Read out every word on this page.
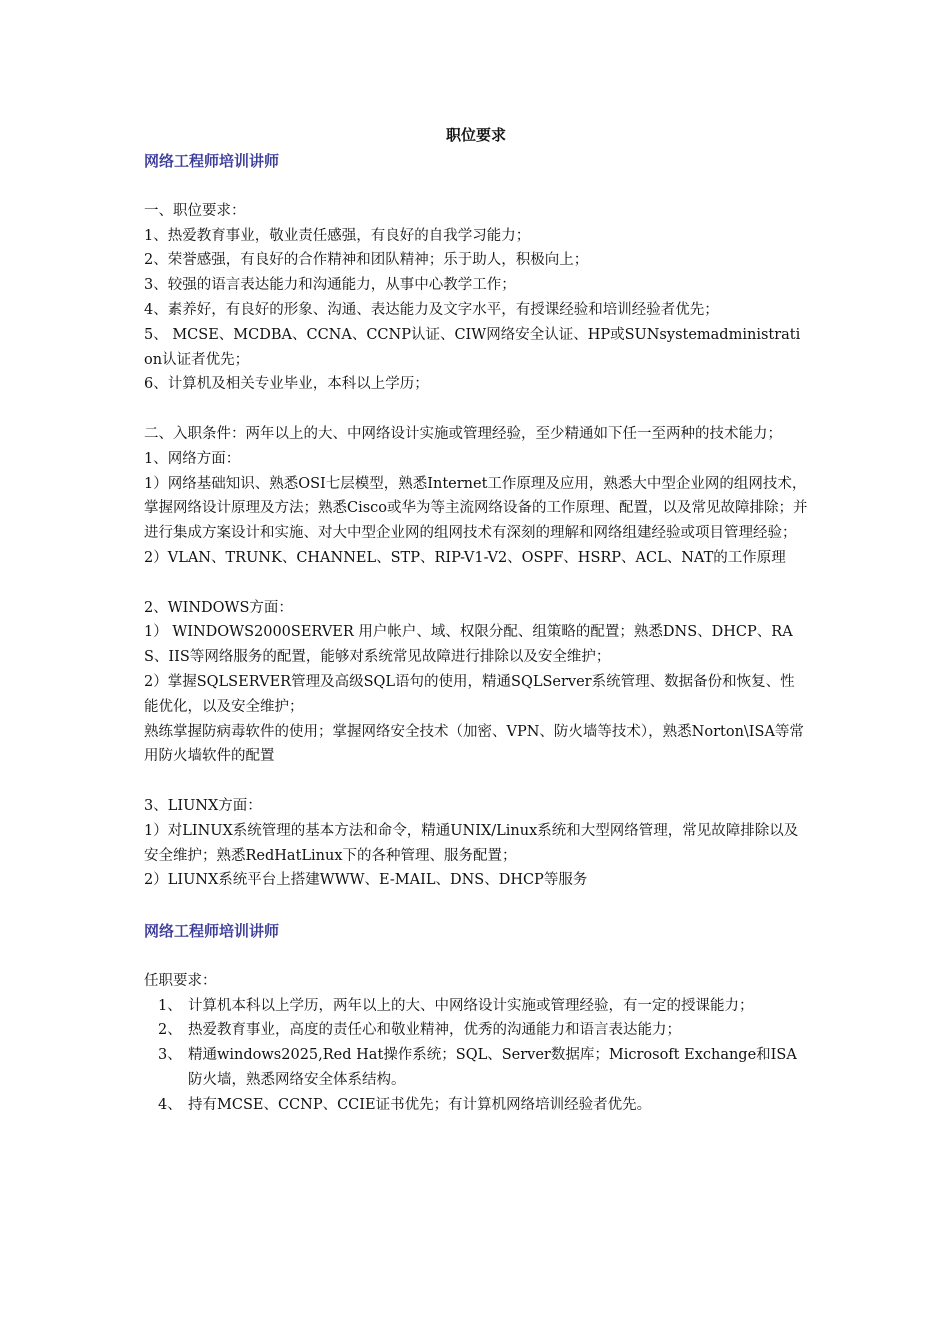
职位要求

网络工程师培训讲师

一、职位要求：

1、热爱教育事业，敬业责任感强，有良好的自我学习能力；

2、荣誉感强，有良好的合作精神和团队精神；乐于助人，积极向上；

3、较强的语言表达能力和沟通能力，从事中心教学工作；

4、素养好，有良好的形象、沟通、表达能力及文字水平，有授课经验和培训经验者优先；

5、 MCSE、MCDBA、CCNA、CCNP认证、CIW网络安全认证、HP或SUNsystemadministration认证者优先；

6、计算机及相关专业毕业，本科以上学历；

二、入职条件：两年以上的大、中网络设计实施或管理经验，至少精通如下任一至两种的技术能力；

1、网络方面：

1）网络基础知识、熟悉OSI七层模型，熟悉Internet工作原理及应用，熟悉大中型企业网的组网技术，掌握网络设计原理及方法；熟悉Cisco或华为等主流网络设备的工作原理、配置，以及常见故障排除；并进行集成方案设计和实施、对大中型企业网的组网技术有深刻的理解和网络组建经验或项目管理经验；

2）VLAN、TRUNK、CHANNEL、STP、RIP-V1-V2、OSPF、HSRP、ACL、NAT的工作原理

2、WINDOWS方面：

1） WINDOWS2000SERVER 用户帐户、域、权限分配、组策略的配置；熟悉DNS、DHCP、RAS、IIS等网络服务的配置，能够对系统常见故障进行排除以及安全维护；

2）掌握SQLSERVER管理及高级SQL语句的使用，精通SQLServer系统管理、数据备份和恢复、性能优化，以及安全维护；

熟练掌握防病毒软件的使用；掌握网络安全技术（加密、VPN、防火墙等技术），熟悉Norton\ISA等常用防火墙软件的配置

3、LIUNX方面：

1）对LINUX系统管理的基本方法和命令，精通UNIX/Linux系统和大型网络管理，常见故障排除以及安全维护；熟悉RedHatLinux下的各种管理、服务配置；

2）LIUNX系统平台上搭建WWW、E-MAIL、DNS、DHCP等服务

网络工程师培训讲师

任职要求：

1、 计算机本科以上学历，两年以上的大、中网络设计实施或管理经验，有一定的授课能力；
2、 热爱教育事业，高度的责任心和敬业精神，优秀的沟通能力和语言表达能力；
3、 精通windows2025,Red Hat操作系统；SQL、Server数据库；Microsoft Exchange和ISA防火墙，熟悉网络安全体系结构。
4、 持有MCSE、CCNP、CCIE证书优先；有计算机网络培训经验者优先。
